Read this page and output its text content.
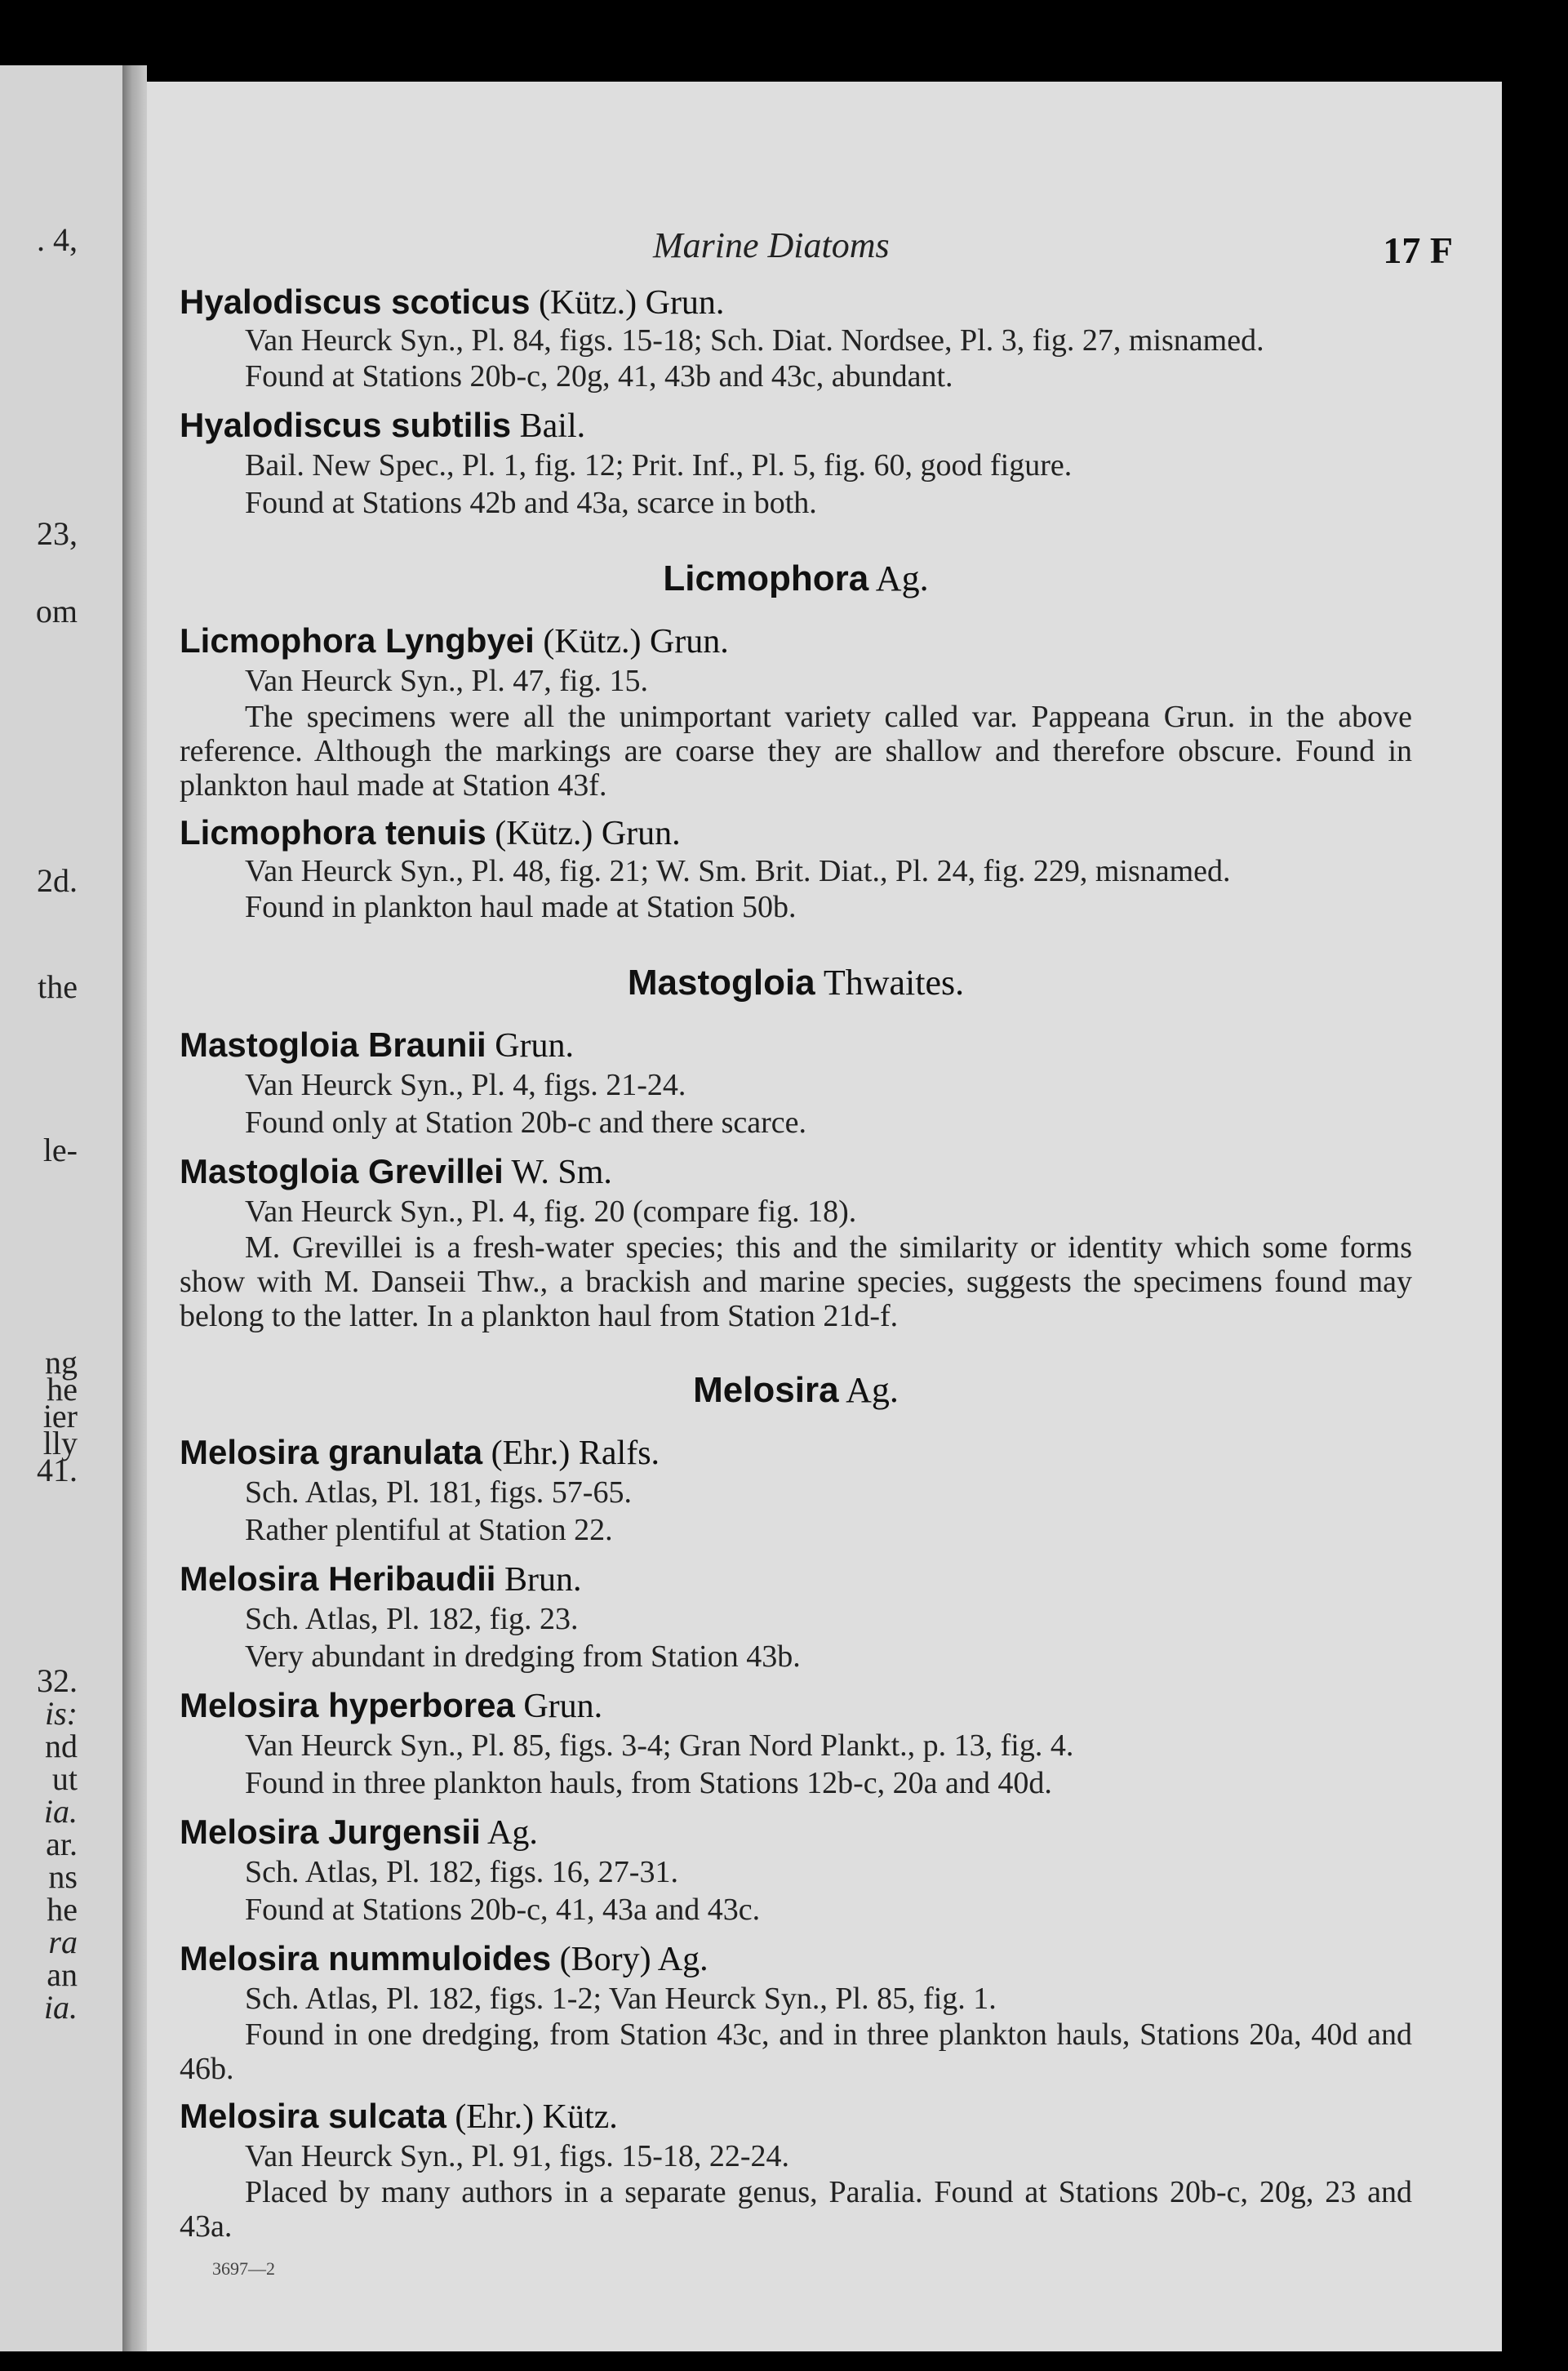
. 4,
23,
om
2d.
the
le-
ng
he
ier
lly
41.
32.
is:
nd
ut
ia.
ar.
ns
he
ra
an
ia.
Marine Diatoms	17 F
Hyalodiscus scoticus (Kütz.) Grun.
Van Heurck Syn., Pl. 84, figs. 15-18; Sch. Diat. Nordsee, Pl. 3, fig. 27, misnamed.
Found at Stations 20b-c, 20g, 41, 43b and 43c, abundant.
Hyalodiscus subtilis Bail.
Bail. New Spec., Pl. 1, fig. 12; Prit. Inf., Pl. 5, fig. 60, good figure.
Found at Stations 42b and 43a, scarce in both.
Licmophora Ag.
Licmophora Lyngbyei (Kütz.) Grun.
Van Heurck Syn., Pl. 47, fig. 15.
The specimens were all the unimportant variety called var. Pappeana Grun. in the above reference. Although the markings are coarse they are shallow and therefore obscure. Found in plankton haul made at Station 43f.
Licmophora tenuis (Kütz.) Grun.
Van Heurck Syn., Pl. 48, fig. 21; W. Sm. Brit. Diat., Pl. 24, fig. 229, misnamed.
Found in plankton haul made at Station 50b.
Mastogloia Thwaites.
Mastogloia Braunii Grun.
Van Heurck Syn., Pl. 4, figs. 21-24.
Found only at Station 20b-c and there scarce.
Mastogloia Grevillei W. Sm.
Van Heurck Syn., Pl. 4, fig. 20 (compare fig. 18).
M. Grevillei is a fresh-water species; this and the similarity or identity which some forms show with M. Danseii Thw., a brackish and marine species, suggests the specimens found may belong to the latter. In a plankton haul from Station 21d-f.
Melosira Ag.
Melosira granulata (Ehr.) Ralfs.
Sch. Atlas, Pl. 181, figs. 57-65.
Rather plentiful at Station 22.
Melosira Heribaudii Brun.
Sch. Atlas, Pl. 182, fig. 23.
Very abundant in dredging from Station 43b.
Melosira hyperborea Grun.
Van Heurck Syn., Pl. 85, figs. 3-4; Gran Nord Plankt., p. 13, fig. 4.
Found in three plankton hauls, from Stations 12b-c, 20a and 40d.
Melosira Jurgensii Ag.
Sch. Atlas, Pl. 182, figs. 16, 27-31.
Found at Stations 20b-c, 41, 43a and 43c.
Melosira nummuloides (Bory) Ag.
Sch. Atlas, Pl. 182, figs. 1-2; Van Heurck Syn., Pl. 85, fig. 1.
Found in one dredging, from Station 43c, and in three plankton hauls, Stations 20a, 40d and 46b.
Melosira sulcata (Ehr.) Kütz.
Van Heurck Syn., Pl. 91, figs. 15-18, 22-24.
Placed by many authors in a separate genus, Paralia. Found at Stations 20b-c, 20g, 23 and 43a.
3697—2
